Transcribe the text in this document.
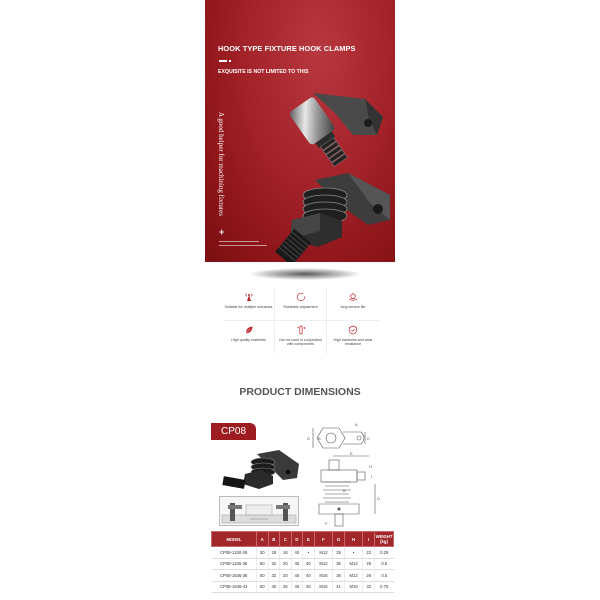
HOOK TYPE FIXTURE HOOK CLAMPS
EXQUISITE IS NOT LIMITED TO THIS
A good helper for machining fixtures
+
Suitable for multiple scenarios	Rotatable adjustment	long service life
High quality materials	Can be used in conjunction with components
High hardness and wear resistance
PRODUCT DIMENSIONS
CP08
G B	C
A
E
H
I
B
D
F
MODEL	A	B	C	D	E	F	G	H	I	WEIGHT (kg)
CP08-1240-29	30	28	16	40	•	M12	29	•	22	0.29
CP08-1245-36	50	32	20	45	40	M12	36	M12	26	0.5
CP08-1645-36	50	32	20	45	40	M16	36	M12	26	0.5
CP08-1645-41	60	40	45	45	45	M16	41	M16	32	0.75
